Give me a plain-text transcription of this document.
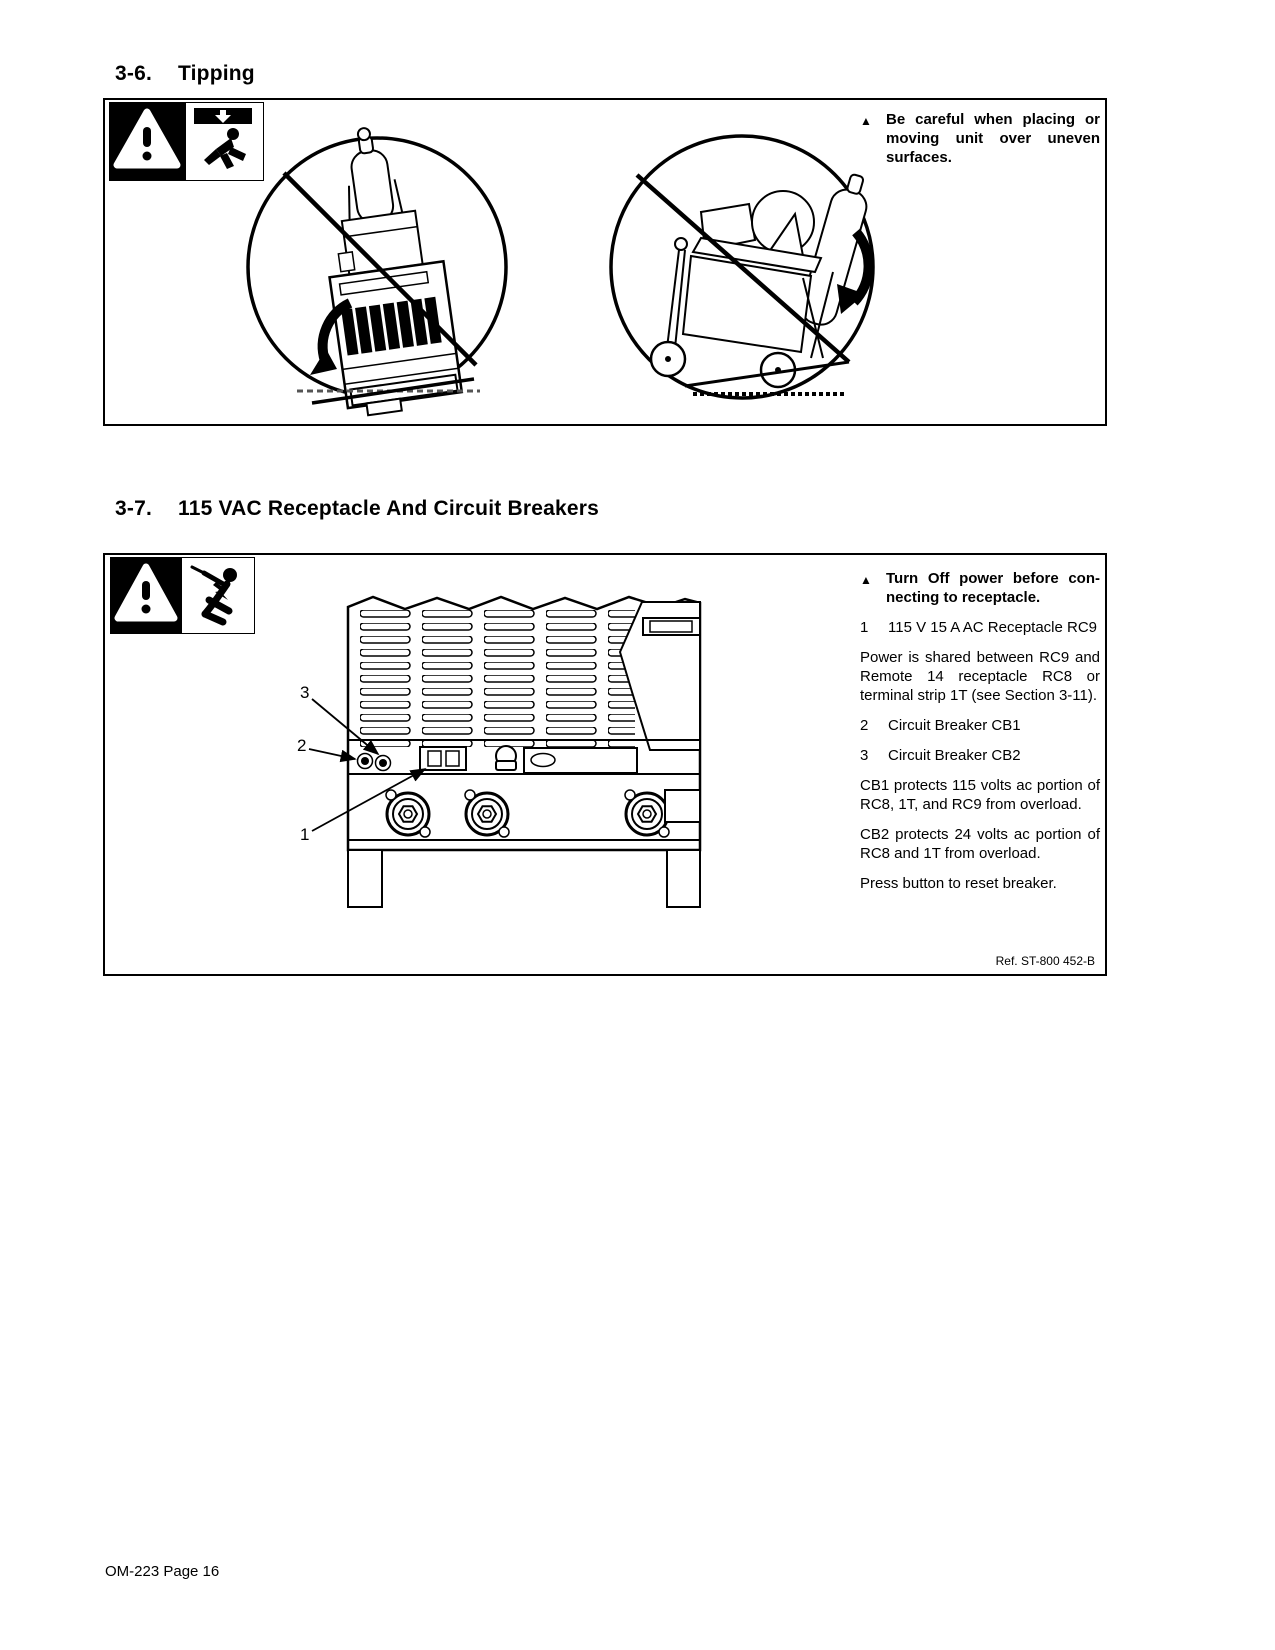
3-6. Tipping
▲ Be careful when placing or moving unit over uneven surfaces.
3-7. 115 VAC Receptacle And Circuit Breakers
3
2
1
▲ Turn Off power before con-necting to receptacle.
1	115 V 15 A AC Receptacle RC9
Power is shared between RC9 and Remote 14 receptacle RC8 or terminal strip 1T (see Section 3-11).
2	Circuit Breaker CB1
3	Circuit Breaker CB2
CB1 protects 115 volts ac portion of RC8, 1T, and RC9 from overload.
CB2 protects 24 volts ac portion of RC8 and 1T from overload.
Press button to reset breaker.
Ref. ST-800 452-B
OM-223 Page 16
